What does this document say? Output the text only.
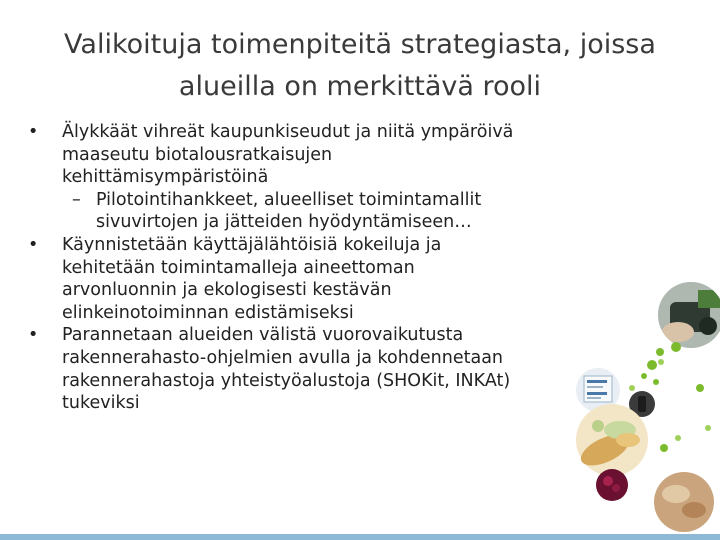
Valikoituja toimenpiteitä strategiasta, joissa
alueilla on merkittävä rooli
• Älykkäät vihreät kaupunkiseudut ja niitä ympäröivä
maaseutu biotalousratkaisujen
kehittämisympäristöinä
– Pilotointihankkeet, alueelliset toimintamallit
sivuvirtojen ja jätteiden hyödyntämiseen…
• Käynnistetään käyttäjälähtöisiä kokeiluja ja
kehitetään toimintamalleja aineettoman
arvonluonnin ja ekologisesti kestävän
elinkeinotoiminnan edistämiseksi
• Parannetaan alueiden välistä vuorovaikutusta
rakennerahasto-ohjelmien avulla ja kohdennetaan
rakennerahastoja yhteistyöalustoja (SHOKit, INKAt)
tukeviksi
